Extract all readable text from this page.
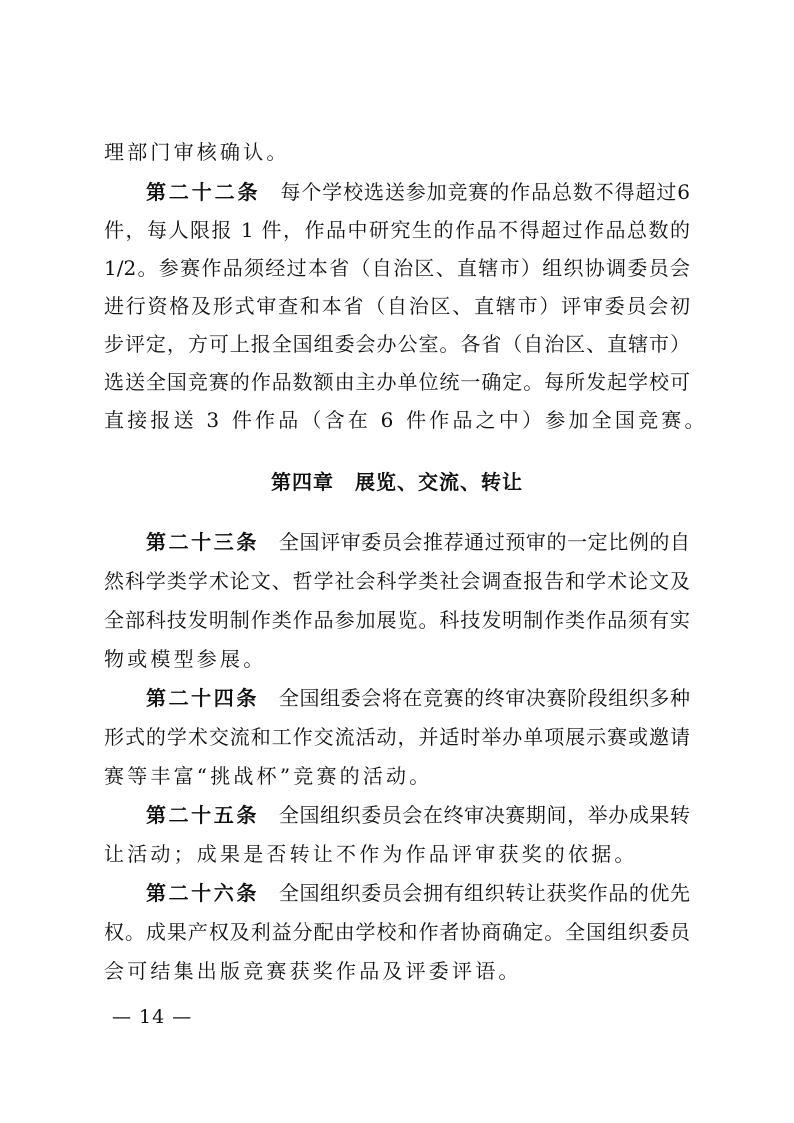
理部门审核确认。
第二十二条 每个学校选送参加竞赛的作品总数不得超过6
件，每人限报 1 件，作品中研究生的作品不得超过作品总数的
1/2。参赛作品须经过本省（自治区、直辖市）组织协调委员会
进行资格及形式审查和本省（自治区、直辖市）评审委员会初
步评定，方可上报全国组委会办公室。各省（自治区、直辖市）
选送全国竞赛的作品数额由主办单位统一确定。每所发起学校可
直接报送 3 件作品（含在 6 件作品之中）参加全国竞赛。
第四章　展览、交流、转让
第二十三条 全国评审委员会推荐通过预审的一定比例的自
然科学类学术论文、哲学社会科学类社会调查报告和学术论文及
全部科技发明制作类作品参加展览。科技发明制作类作品须有实
物或模型参展。
第二十四条 全国组委会将在竞赛的终审决赛阶段组织多种
形式的学术交流和工作交流活动，并适时举办单项展示赛或邀请
赛等丰富“挑战杯”竞赛的活动。
第二十五条 全国组织委员会在终审决赛期间，举办成果转
让活动；成果是否转让不作为作品评审获奖的依据。
第二十六条 全国组织委员会拥有组织转让获奖作品的优先
权。成果产权及利益分配由学校和作者协商确定。全国组织委员
会可结集出版竞赛获奖作品及评委评语。
— 14 —
